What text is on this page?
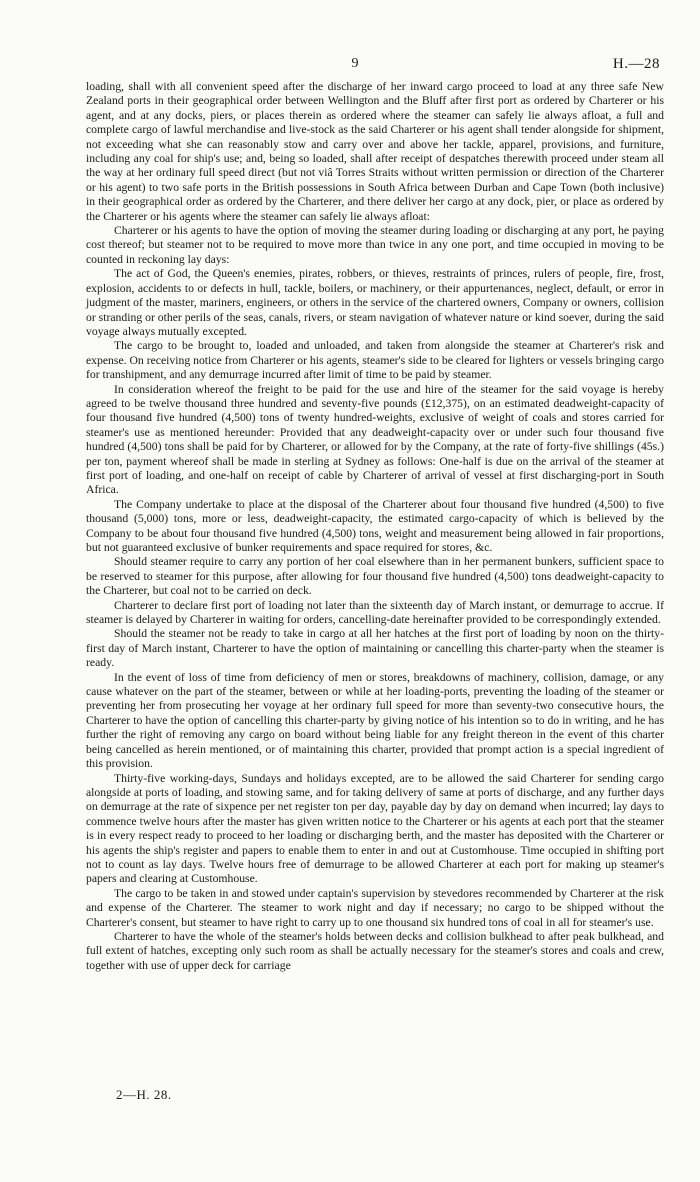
9	H.—28

loading, shall with all convenient speed after the discharge of her inward cargo proceed to load at any three safe New Zealand ports in their geographical order between Wellington and the Bluff after first port as ordered by Charterer or his agent, and at any docks, piers, or places therein as ordered where the steamer can safely lie always afloat, a full and complete cargo of lawful merchandise and live-stock as the said Charterer or his agent shall tender alongside for shipment, not exceeding what she can reasonably stow and carry over and above her tackle, apparel, provisions, and furniture, including any coal for ship's use; and, being so loaded, shall after receipt of despatches therewith proceed under steam all the way at her ordinary full speed direct (but not viâ Torres Straits without written permission or direction of the Charterer or his agent) to two safe ports in the British possessions in South Africa between Durban and Cape Town (both inclusive) in their geographical order as ordered by the Charterer, and there deliver her cargo at any dock, pier, or place as ordered by the Charterer or his agents where the steamer can safely lie always afloat:

Charterer or his agents to have the option of moving the steamer during loading or discharging at any port, he paying cost thereof; but steamer not to be required to move more than twice in any one port, and time occupied in moving to be counted in reckoning lay days:

The act of God, the Queen's enemies, pirates, robbers, or thieves, restraints of princes, rulers of people, fire, frost, explosion, accidents to or defects in hull, tackle, boilers, or machinery, or their appurtenances, neglect, default, or error in judgment of the master, mariners, engineers, or others in the service of the chartered owners, Company or owners, collision or stranding or other perils of the seas, canals, rivers, or steam navigation of whatever nature or kind soever, during the said voyage always mutually excepted.

The cargo to be brought to, loaded and unloaded, and taken from alongside the steamer at Charterer's risk and expense. On receiving notice from Charterer or his agents, steamer's side to be cleared for lighters or vessels bringing cargo for transhipment, and any demurrage incurred after limit of time to be paid by steamer.

In consideration whereof the freight to be paid for the use and hire of the steamer for the said voyage is hereby agreed to be twelve thousand three hundred and seventy-five pounds (£12,375), on an estimated deadweight-capacity of four thousand five hundred (4,500) tons of twenty hundred-weights, exclusive of weight of coals and stores carried for steamer's use as mentioned hereunder: Provided that any deadweight-capacity over or under such four thousand five hundred (4,500) tons shall be paid for by Charterer, or allowed for by the Company, at the rate of forty-five shillings (45s.) per ton, payment whereof shall be made in sterling at Sydney as follows: One-half is due on the arrival of the steamer at first port of loading, and one-half on receipt of cable by Charterer of arrival of vessel at first discharging-port in South Africa.

The Company undertake to place at the disposal of the Charterer about four thousand five hundred (4,500) to five thousand (5,000) tons, more or less, deadweight-capacity, the estimated cargo-capacity of which is believed by the Company to be about four thousand five hundred (4,500) tons, weight and measurement being allowed in fair proportions, but not guaranteed exclusive of bunker requirements and space required for stores, &c.

Should steamer require to carry any portion of her coal elsewhere than in her permanent bunkers, sufficient space to be reserved to steamer for this purpose, after allowing for four thousand five hundred (4,500) tons deadweight-capacity to the Charterer, but coal not to be carried on deck.

Charterer to declare first port of loading not later than the sixteenth day of March instant, or demurrage to accrue. If steamer is delayed by Charterer in waiting for orders, cancelling-date hereinafter provided to be correspondingly extended.

Should the steamer not be ready to take in cargo at all her hatches at the first port of loading by noon on the thirty-first day of March instant, Charterer to have the option of maintaining or cancelling this charter-party when the steamer is ready.

In the event of loss of time from deficiency of men or stores, breakdowns of machinery, collision, damage, or any cause whatever on the part of the steamer, between or while at her loading-ports, preventing the loading of the steamer or preventing her from prosecuting her voyage at her ordinary full speed for more than seventy-two consecutive hours, the Charterer to have the option of cancelling this charter-party by giving notice of his intention so to do in writing, and he has further the right of removing any cargo on board without being liable for any freight thereon in the event of this charter being cancelled as herein mentioned, or of maintaining this charter, provided that prompt action is a special ingredient of this provision.

Thirty-five working-days, Sundays and holidays excepted, are to be allowed the said Charterer for sending cargo alongside at ports of loading, and stowing same, and for taking delivery of same at ports of discharge, and any further days on demurrage at the rate of sixpence per net register ton per day, payable day by day on demand when incurred; lay days to commence twelve hours after the master has given written notice to the Charterer or his agents at each port that the steamer is in every respect ready to proceed to her loading or discharging berth, and the master has deposited with the Charterer or his agents the ship's register and papers to enable them to enter in and out at Customhouse. Time occupied in shifting port not to count as lay days. Twelve hours free of demurrage to be allowed Charterer at each port for making up steamer's papers and clearing at Customhouse.

The cargo to be taken in and stowed under captain's supervision by stevedores recommended by Charterer at the risk and expense of the Charterer. The steamer to work night and day if necessary; no cargo to be shipped without the Charterer's consent, but steamer to have right to carry up to one thousand six hundred tons of coal in all for steamer's use.

Charterer to have the whole of the steamer's holds between decks and collision bulkhead to after peak bulkhead, and full extent of hatches, excepting only such room as shall be actually necessary for the steamer's stores and coals and crew, together with use of upper deck for carriage

2—H. 28.
